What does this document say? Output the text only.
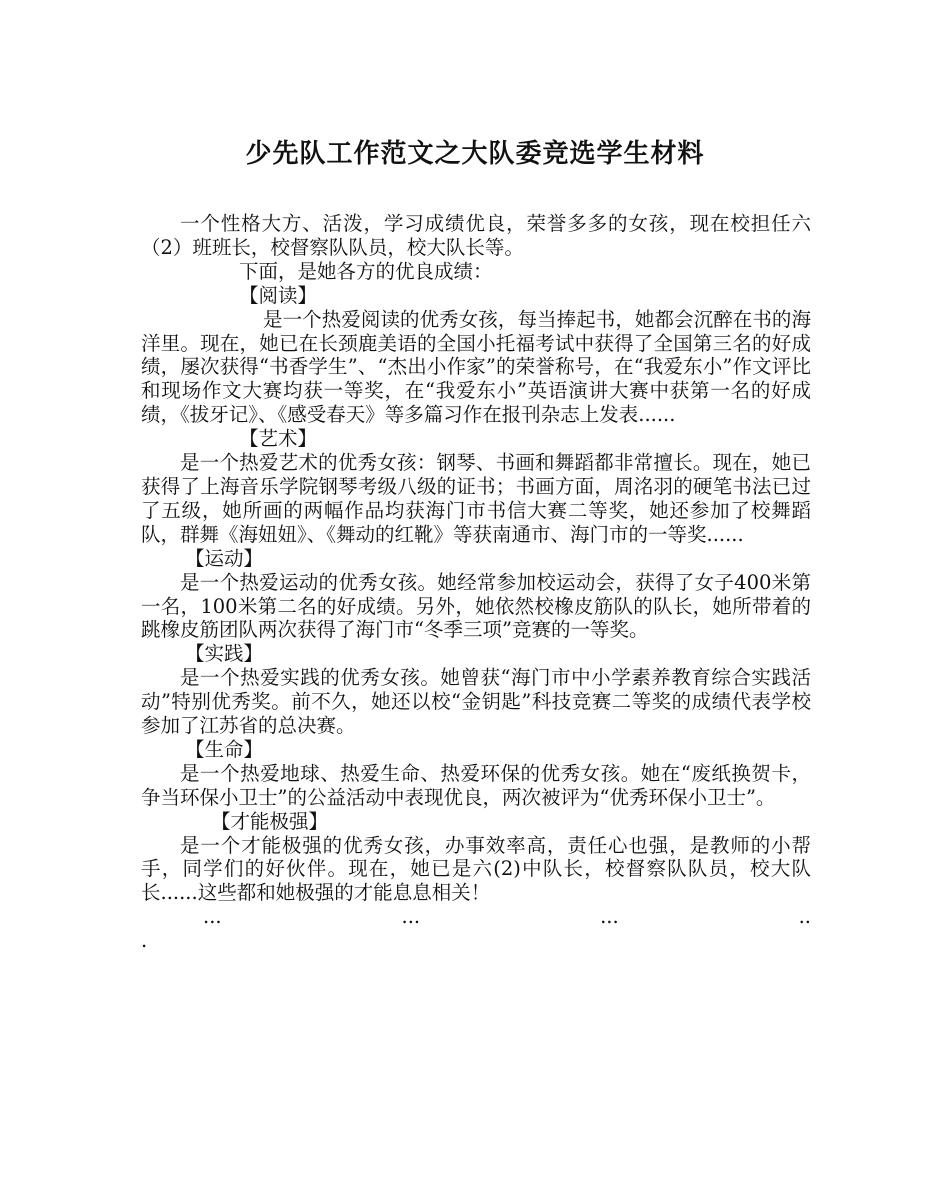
少先队工作范文之大队委竞选学生材料

一个性格大方、活泼，学习成绩优良，荣誉多多的女孩，现在校担任六（2）班班长，校督察队队员，校大队长等。

下面，是她各方的优良成绩：

【阅读】

是一个热爱阅读的优秀女孩，每当捧起书，她都会沉醉在书的海洋里。现在，她已在长颈鹿美语的全国小托福考试中获得了全国第三名的好成绩，屡次获得“书香学生”、“杰出小作家”的荣誉称号，在“我爱东小”作文评比和现场作文大赛均获一等奖，在“我爱东小”英语演讲大赛中获第一名的好成绩，《拔牙记》、《感受春天》等多篇习作在报刊杂志上发表......

【艺术】

是一个热爱艺术的优秀女孩：钢琴、书画和舞蹈都非常擅长。现在，她已获得了上海音乐学院钢琴考级八级的证书；书画方面，周洺羽的硬笔书法已过了五级，她所画的两幅作品均获海门市书信大赛二等奖，她还参加了校舞蹈队，群舞《海妞妞》、《舞动的红靴》等获南通市、海门市的一等奖......

【运动】

是一个热爱运动的优秀女孩。她经常参加校运动会，获得了女子400米第一名，100米第二名的好成绩。另外，她依然校橡皮筋队的队长，她所带着的跳橡皮筋团队两次获得了海门市“冬季三项”竞赛的一等奖。

【实践】

是一个热爱实践的优秀女孩。她曾获“海门市中小学素养教育综合实践活动”特别优秀奖。前不久，她还以校“金钥匙”科技竞赛二等奖的成绩代表学校参加了江苏省的总决赛。

【生命】

是一个热爱地球、热爱生命、热爱环保的优秀女孩。她在“废纸换贺卡，争当环保小卫士”的公益活动中表现优良，两次被评为“优秀环保小卫士”。

【才能极强】

是一个才能极强的优秀女孩，办事效率高，责任心也强，是教师的小帮手，同学们的好伙伴。现在，她已是六(2)中队长，校督察队队员，校大队长......这些都和她极强的才能息息相关！

...	...	...	..

.
